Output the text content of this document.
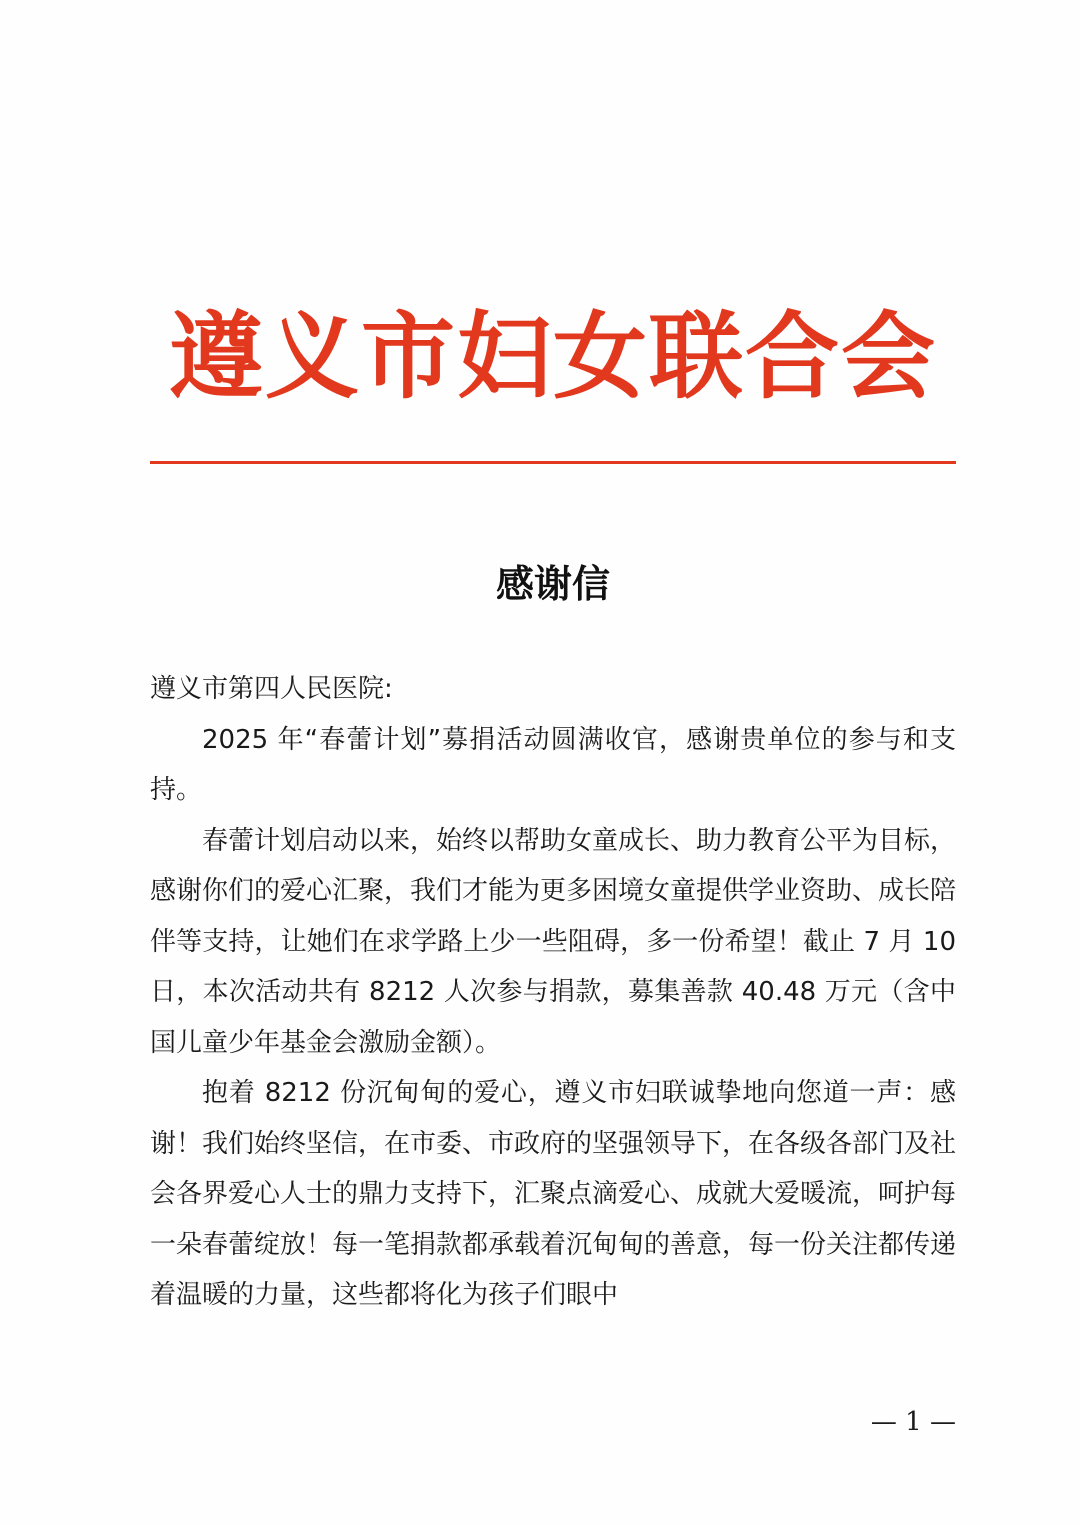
遵义市妇女联合会
感谢信

遵义市第四人民医院:

2025 年“春蕾计划”募捐活动圆满收官，感谢贵单位的参与和支持。

春蕾计划启动以来，始终以帮助女童成长、助力教育公平为目标，感谢你们的爱心汇聚，我们才能为更多困境女童提供学业资助、成长陪伴等支持，让她们在求学路上少一些阻碍，多一份希望！截止 7 月 10 日，本次活动共有 8212 人次参与捐款，募集善款 40.48 万元（含中国儿童少年基金会激励金额）。

抱着 8212 份沉甸甸的爱心，遵义市妇联诚挚地向您道一声：感谢！我们始终坚信，在市委、市政府的坚强领导下，在各级各部门及社会各界爱心人士的鼎力支持下，汇聚点滴爱心、成就大爱暖流，呵护每一朵春蕾绽放！每一笔捐款都承载着沉甸甸的善意，每一份关注都传递着温暖的力量，这些都将化为孩子们眼中

— 1 —
